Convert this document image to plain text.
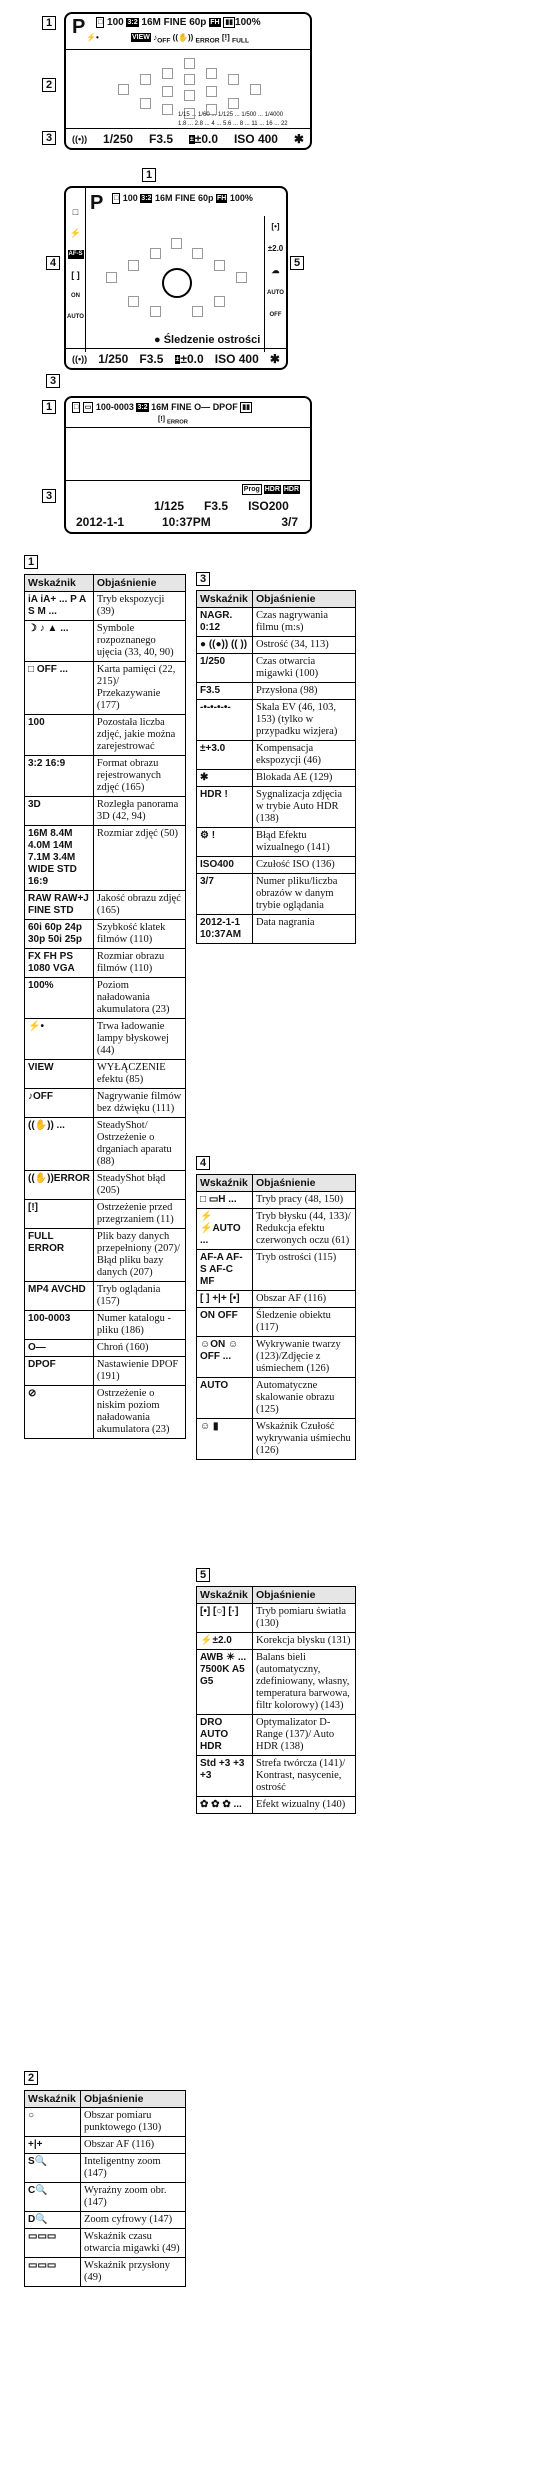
1
2
3
P □ 100 3:2 16M FINE 60p FH ▮▮ 100%
⚡•	VIEW $♪_{OFF}$ ((✋)) $_{ERROR}$ [!] $_{FULL}$
1/15 ... 1/60 ... 1/125 ... 1/500 ... 1/4000
1.8 ... 2.8 ... 4 ... 5.6 ... 8 ... 11 ... 16 ... 22
((•)) 1/250 F3.5 ±±0.0 ISO 400 ✱
1
4	5
3
P □ 100 3:2 16M FINE 60p FH 100%
□
⚡
AF-S
[ ]
ON
AUTO
[•]
±2.0
☁
AUTO
OFF
● Śledzenie ostrości
((•)) 1/250 F3.5 ±±0.0 ISO 400 ✱
1
3
□ ▭ 100-0003 3:2 16M FINE O— DPOF ▮▮
[!] $_{ERROR}$
Prog HDR HDR
1/125 F3.5 ISO200
2012-1-1	10:37PM	3/7
1
Wskaźnik	Objaśnienie
iA iA+ ... P A S M ...	Tryb ekspozycji (39)
☽ ♪ ▲ ...	Symbole rozpoznanego ujęcia (33, 40, 90)
□ OFF ...	Karta pamięci (22, 215)/ Przekazywanie (177)
100	Pozostała liczba zdjęć, jakie można zarejestrować
3:2 16:9	Format obrazu rejestrowanych zdjęć (165)
3D	Rozległa panorama 3D (42, 94)
16M 8.4M 4.0M 14M 7.1M 3.4M WIDE STD 16:9	Rozmiar zdjęć (50)
RAW RAW+J FINE STD	Jakość obrazu zdjęć (165)
60i 60p 24p 30p 50i 25p	Szybkość klatek filmów (110)
FX FH PS 1080 VGA	Rozmiar obrazu filmów (110)
100%	Poziom naładowania akumulatora (23)
⚡•	Trwa ładowanie lampy błyskowej (44)
VIEW	WYŁĄCZENIE efektu (85)
♪OFF	Nagrywanie filmów bez dźwięku (111)
((✋)) ...	SteadyShot/ Ostrzeżenie o drganiach aparatu (88)
((✋))ERROR	SteadyShot błąd (205)
[!]	Ostrzeżenie przed przegrzaniem (11)
FULL ERROR	Plik bazy danych przepełniony (207)/ Błąd pliku bazy danych (207)
MP4 AVCHD	Tryb oglądania (157)
100-0003	Numer katalogu - pliku (186)
O—	Chroń (160)
DPOF	Nastawienie DPOF (191)
⊘	Ostrzeżenie o niskim poziom naładowania akumulatora (23)
2
Wskaźnik	Objaśnienie
○	Obszar pomiaru punktowego (130)
+|+	Obszar AF (116)
S🔍	Inteligentny zoom (147)
C🔍	Wyraźny zoom obr. (147)
D🔍	Zoom cyfrowy (147)
▭▭▭	Wskaźnik czasu otwarcia migawki (49)
▭▭▭	Wskaźnik przysłony (49)
3
Wskaźnik	Objaśnienie
NAGR. 0:12	Czas nagrywania filmu (m:s)
● ((●)) (( ))	Ostrość (34, 113)
1/250	Czas otwarcia migawki (100)
F3.5	Przysłona (98)
-•-•-•-•-	Skala EV (46, 103, 153) (tylko w przypadku wizjera)
±+3.0	Kompensacja ekspozycji (46)
✱	Blokada AE (129)
HDR !	Sygnalizacja zdjęcia w trybie Auto HDR (138)
⚙ !	Błąd Efektu wizualnego (141)
ISO400	Czułość ISO (136)
3/7	Numer pliku/liczba obrazów w danym trybie oglądania
2012-1-1 10:37AM	Data nagrania
4
Wskaźnik	Objaśnienie
□ ▭H ...	Tryb pracy (48, 150)
⚡ ⚡AUTO ...	Tryb błysku (44, 133)/ Redukcja efektu czerwonych oczu (61)
AF-A AF-S AF-C MF	Tryb ostrości (115)
[ ] +|+ [•]	Obszar AF (116)
ON OFF	Śledzenie obiektu (117)
☺ON ☺OFF ...	Wykrywanie twarzy (123)/Zdjęcie z uśmiechem (126)
AUTO	Automatyczne skalowanie obrazu (125)
☺ ▮	Wskaźnik Czułość wykrywania uśmiechu (126)
5
Wskaźnik	Objaśnienie
[•] [○] [·]	Tryb pomiaru światła (130)
⚡±2.0	Korekcja błysku (131)
AWB ☀ ... 7500K A5 G5	Balans bieli (automatyczny, zdefiniowany, własny, temperatura barwowa, filtr kolorowy) (143)
DRO AUTO HDR	Optymalizator D-Range (137)/ Auto HDR (138)
Std +3 +3 +3	Strefa twórcza (141)/ Kontrast, nasycenie, ostrość
✿ ✿ ✿ ...	Efekt wizualny (140)
